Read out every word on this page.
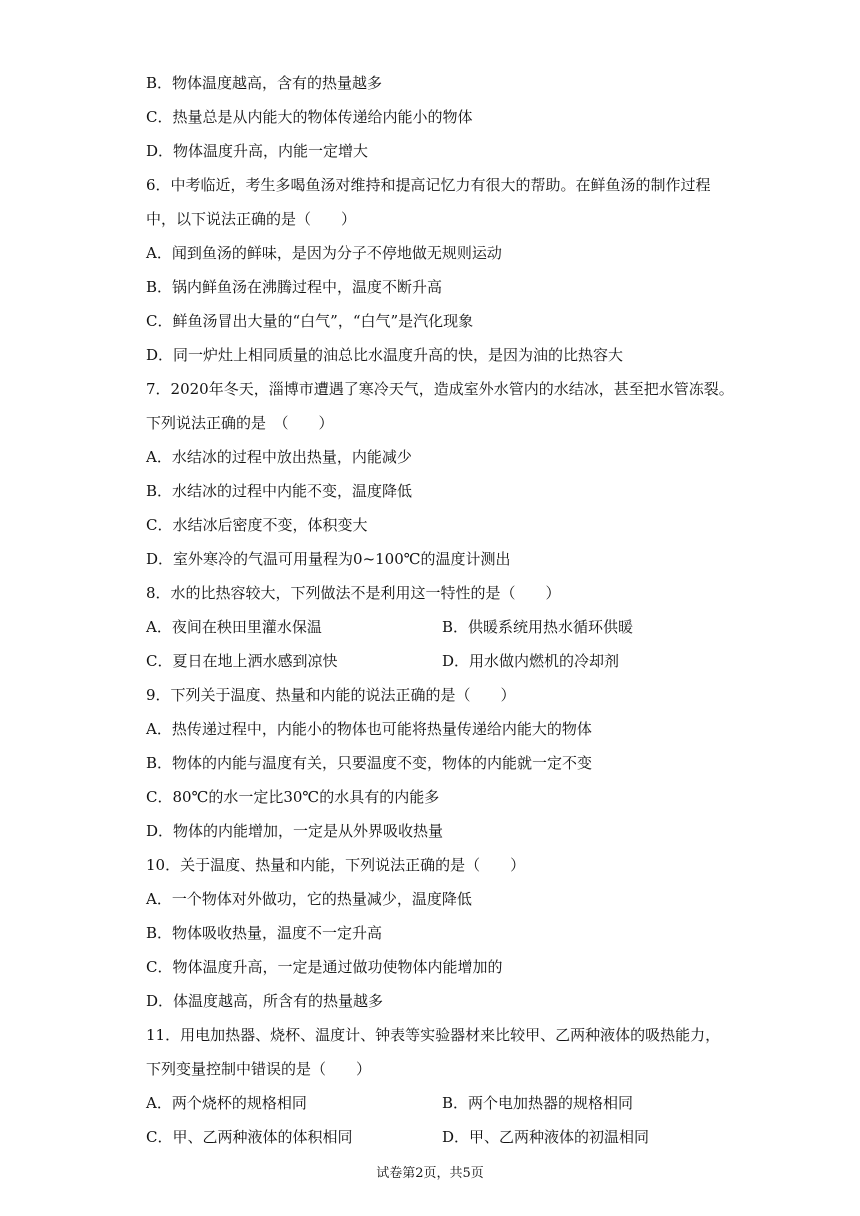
B．物体温度越高，含有的热量越多
C．热量总是从内能大的物体传递给内能小的物体
D．物体温度升高，内能一定增大
6．中考临近，考生多喝鱼汤对维持和提高记忆力有很大的帮助。在鲜鱼汤的制作过程
中，以下说法正确的是（　　）
A．闻到鱼汤的鲜味，是因为分子不停地做无规则运动
B．锅内鲜鱼汤在沸腾过程中，温度不断升高
C．鲜鱼汤冒出大量的“白气”，“白气”是汽化现象
D．同一炉灶上相同质量的油总比水温度升高的快，是因为油的比热容大
7．2020年冬天，淄博市遭遇了寒冷天气，造成室外水管内的水结冰，甚至把水管冻裂。
下列说法正确的是　（　　）
A．水结冰的过程中放出热量，内能减少
B．水结冰的过程中内能不变，温度降低
C．水结冰后密度不变，体积变大
D．室外寒冷的气温可用量程为0~100℃的温度计测出
8．水的比热容较大，下列做法不是利用这一特性的是（　　）
A．夜间在秧田里灌水保温	B．供暖系统用热水循环供暖
C．夏日在地上洒水感到凉快	D．用水做内燃机的冷却剂
9．下列关于温度、热量和内能的说法正确的是（　　）
A．热传递过程中，内能小的物体也可能将热量传递给内能大的物体
B．物体的内能与温度有关，只要温度不变，物体的内能就一定不变
C．80℃的水一定比30℃的水具有的内能多
D．物体的内能增加，一定是从外界吸收热量
10．关于温度、热量和内能，下列说法正确的是（　　）
A．一个物体对外做功，它的热量减少，温度降低
B．物体吸收热量，温度不一定升高
C．物体温度升高，一定是通过做功使物体内能增加的
D．体温度越高，所含有的热量越多
11．用电加热器、烧杯、温度计、钟表等实验器材来比较甲、乙两种液体的吸热能力，
下列变量控制中错误的是（　　）
A．两个烧杯的规格相同	B．两个电加热器的规格相同
C．甲、乙两种液体的体积相同	D．甲、乙两种液体的初温相同
试卷第2页，共5页
